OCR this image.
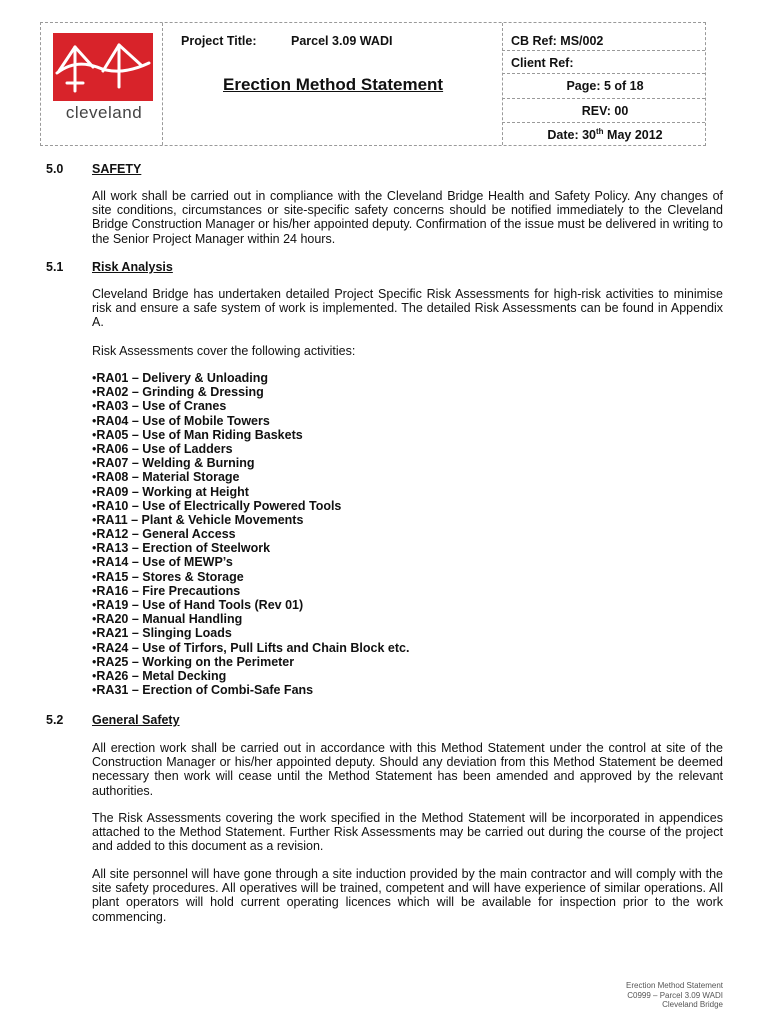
cleveland
Project Title:	Parcel 3.09 WADI
Erection Method Statement
CB Ref: MS/002
Client Ref:
Page: 5 of 18
REV: 00
Date: 30th May 2012
5.0 SAFETY

All work shall be carried out in compliance with the Cleveland Bridge Health and Safety Policy. Any changes of site conditions, circumstances or site-specific safety concerns should be notified immediately to the Cleveland Bridge Construction Manager or his/her appointed deputy. Confirmation of the issue must be delivered in writing to the Senior Project Manager within 24 hours.

5.1 Risk Analysis

Cleveland Bridge has undertaken detailed Project Specific Risk Assessments for high-risk activities to minimise risk and ensure a safe system of work is implemented. The detailed Risk Assessments can be found in Appendix A.

Risk Assessments cover the following activities:

• RA01 – Delivery & Unloading
• RA02 – Grinding & Dressing
• RA03 – Use of Cranes
• RA04 – Use of Mobile Towers
• RA05 – Use of Man Riding Baskets
• RA06 – Use of Ladders
• RA07 – Welding & Burning
• RA08 – Material Storage
• RA09 – Working at Height
• RA10 – Use of Electrically Powered Tools
• RA11 – Plant & Vehicle Movements
• RA12 – General Access
• RA13 – Erection of Steelwork
• RA14 – Use of MEWP’s
• RA15 – Stores & Storage
• RA16 – Fire Precautions
• RA19 – Use of Hand Tools (Rev 01)
• RA20 – Manual Handling
• RA21 – Slinging Loads
• RA24 – Use of Tirfors, Pull Lifts and Chain Block etc.
• RA25 – Working on the Perimeter
• RA26 – Metal Decking
• RA31 – Erection of Combi-Safe Fans
5.2 General Safety

All erection work shall be carried out in accordance with this Method Statement under the control at site of the Construction Manager or his/her appointed deputy. Should any deviation from this Method Statement be deemed necessary then work will cease until the Method Statement has been amended and approved by the relevant authorities.

The Risk Assessments covering the work specified in the Method Statement will be incorporated in appendices attached to the Method Statement. Further Risk Assessments may be carried out during the course of the project and added to this document as a revision.

All site personnel will have gone through a site induction provided by the main contractor and will comply with the site safety procedures. All operatives will be trained, competent and will have experience of similar operations. All plant operators will hold current operating licences which will be available for inspection prior to the work commencing.

Erection Method Statement
C0999 – Parcel 3.09 WADI
Cleveland Bridge
